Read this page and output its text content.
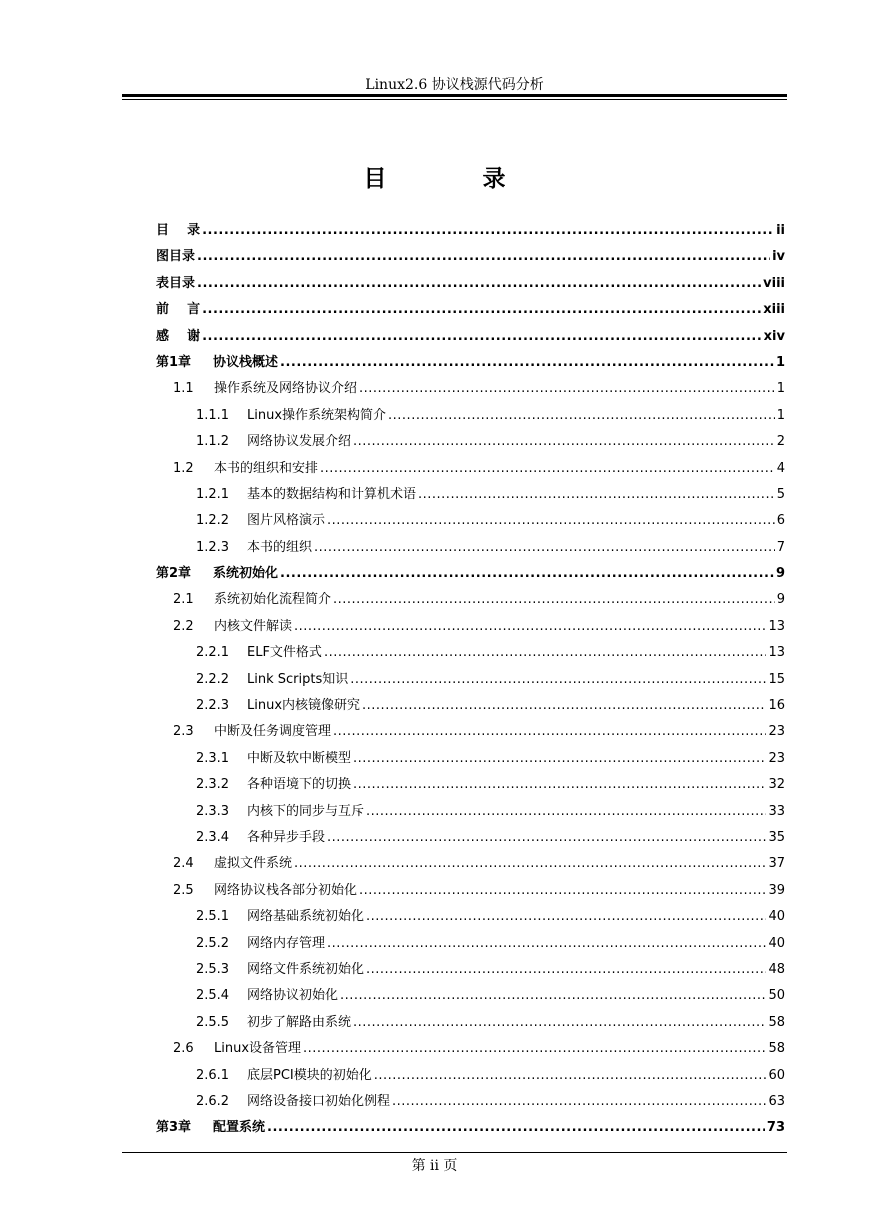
Linux2.6 协议栈源代码分析
目 录
目    录 .....	ii
图目录 .....	iv
表目录 .....	viii
前    言 .....	xiii
感    谢 .....	xiv
第1章	协议栈概述 .....	1
1.1	操作系统及网络协议介绍 .....	1
1.1.1	Linux操作系统架构简介 .....	1
1.1.2	网络协议发展介绍 .....	2
1.2	本书的组织和安排 .....	4
1.2.1	基本的数据结构和计算机术语 .....	5
1.2.2	图片风格演示 .....	6
1.2.3	本书的组织 .....	7
第2章	系统初始化 .....	9
2.1	系统初始化流程简介 .....	9
2.2	内核文件解读 .....	13
2.2.1	ELF文件格式 .....	13
2.2.2	Link Scripts知识 .....	15
2.2.3	Linux内核镜像研究 .....	16
2.3	中断及任务调度管理 .....	23
2.3.1	中断及软中断模型 .....	23
2.3.2	各种语境下的切换 .....	32
2.3.3	内核下的同步与互斥 .....	33
2.3.4	各种异步手段 .....	35
2.4	虚拟文件系统 .....	37
2.5	网络协议栈各部分初始化 .....	39
2.5.1	网络基础系统初始化 .....	40
2.5.2	网络内存管理 .....	40
2.5.3	网络文件系统初始化 .....	48
2.5.4	网络协议初始化 .....	50
2.5.5	初步了解路由系统 .....	58
2.6	Linux设备管理 .....	58
2.6.1	底层PCI模块的初始化 .....	60
2.6.2	网络设备接口初始化例程 .....	63
第3章	配置系统 .....	73
第 ii 页
